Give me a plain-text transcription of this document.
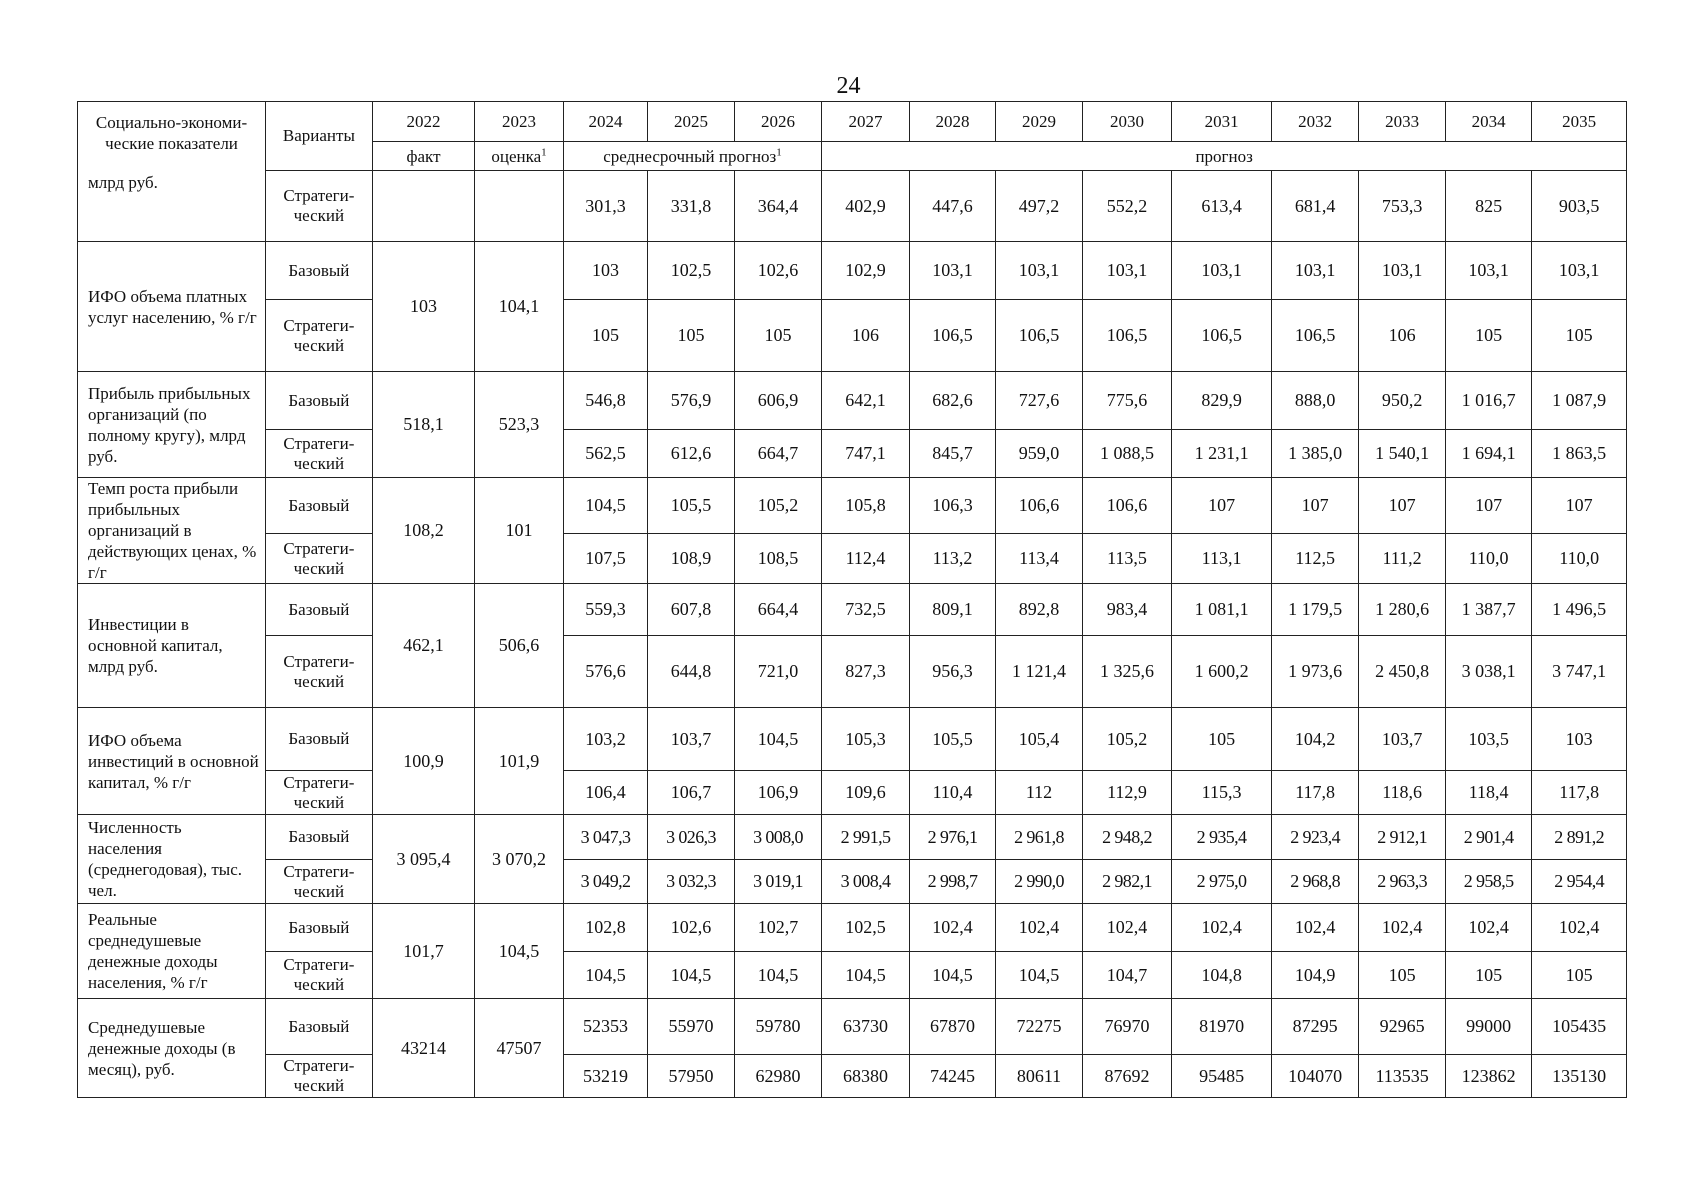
24
Социально-экономи-ческие показатели
млрд руб.	Варианты	2022	2023	2024	2025	2026	2027	2028	2029	2030	2031	2032	2033	2034	2035
		факт	оценка$^1$	среднесрочный прогноз$^1$			прогноз								
	Стратеги-ческий			301,3	331,8	364,4	402,9	447,6	497,2	552,2	613,4	681,4	753,3	825	903,5
ИФО объема платных услуг населению, % г/г	Базовый	103	104,1	103	102,5	102,6	102,9	103,1	103,1	103,1	103,1	103,1	103,1	103,1	103,1
	Стратеги-ческий			105	105	105	106	106,5	106,5	106,5	106,5	106,5	106	105	105
Прибыль прибыльных организаций (по полному кругу), млрд руб.	Базовый	518,1	523,3	546,8	576,9	606,9	642,1	682,6	727,6	775,6	829,9	888,0	950,2	1 016,7	1 087,9
	Стратеги-ческий			562,5	612,6	664,7	747,1	845,7	959,0	1 088,5	1 231,1	1 385,0	1 540,1	1 694,1	1 863,5
Темп роста прибыли прибыльных организаций в действующих ценах, % г/г	Базовый	108,2	101	104,5	105,5	105,2	105,8	106,3	106,6	106,6	107	107	107	107	107
	Стратеги-ческий			107,5	108,9	108,5	112,4	113,2	113,4	113,5	113,1	112,5	111,2	110,0	110,0
Инвестиции в основной капитал, млрд руб.	Базовый	462,1	506,6	559,3	607,8	664,4	732,5	809,1	892,8	983,4	1 081,1	1 179,5	1 280,6	1 387,7	1 496,5
	Стратеги-ческий			576,6	644,8	721,0	827,3	956,3	1 121,4	1 325,6	1 600,2	1 973,6	2 450,8	3 038,1	3 747,1
ИФО объема инвестиций в основной капитал, % г/г	Базовый	100,9	101,9	103,2	103,7	104,5	105,3	105,5	105,4	105,2	105	104,2	103,7	103,5	103
	Стратеги-ческий			106,4	106,7	106,9	109,6	110,4	112	112,9	115,3	117,8	118,6	118,4	117,8
Численность населения (среднегодовая), тыс. чел.	Базовый	3 095,4	3 070,2	3 047,3	3 026,3	3 008,0	2 991,5	2 976,1	2 961,8	2 948,2	2 935,4	2 923,4	2 912,1	2 901,4	2 891,2
	Стратеги-ческий			3 049,2	3 032,3	3 019,1	3 008,4	2 998,7	2 990,0	2 982,1	2 975,0	2 968,8	2 963,3	2 958,5	2 954,4
Реальные среднедушевые денежные доходы населения, % г/г	Базовый	101,7	104,5	102,8	102,6	102,7	102,5	102,4	102,4	102,4	102,4	102,4	102,4	102,4	102,4
	Стратеги-ческий			104,5	104,5	104,5	104,5	104,5	104,5	104,7	104,8	104,9	105	105	105
Среднедушевые денежные доходы (в месяц), руб.	Базовый	43214	47507	52353	55970	59780	63730	67870	72275	76970	81970	87295	92965	99000	105435
	Стратеги-ческий			53219	57950	62980	68380	74245	80611	87692	95485	104070	113535	123862	135130
